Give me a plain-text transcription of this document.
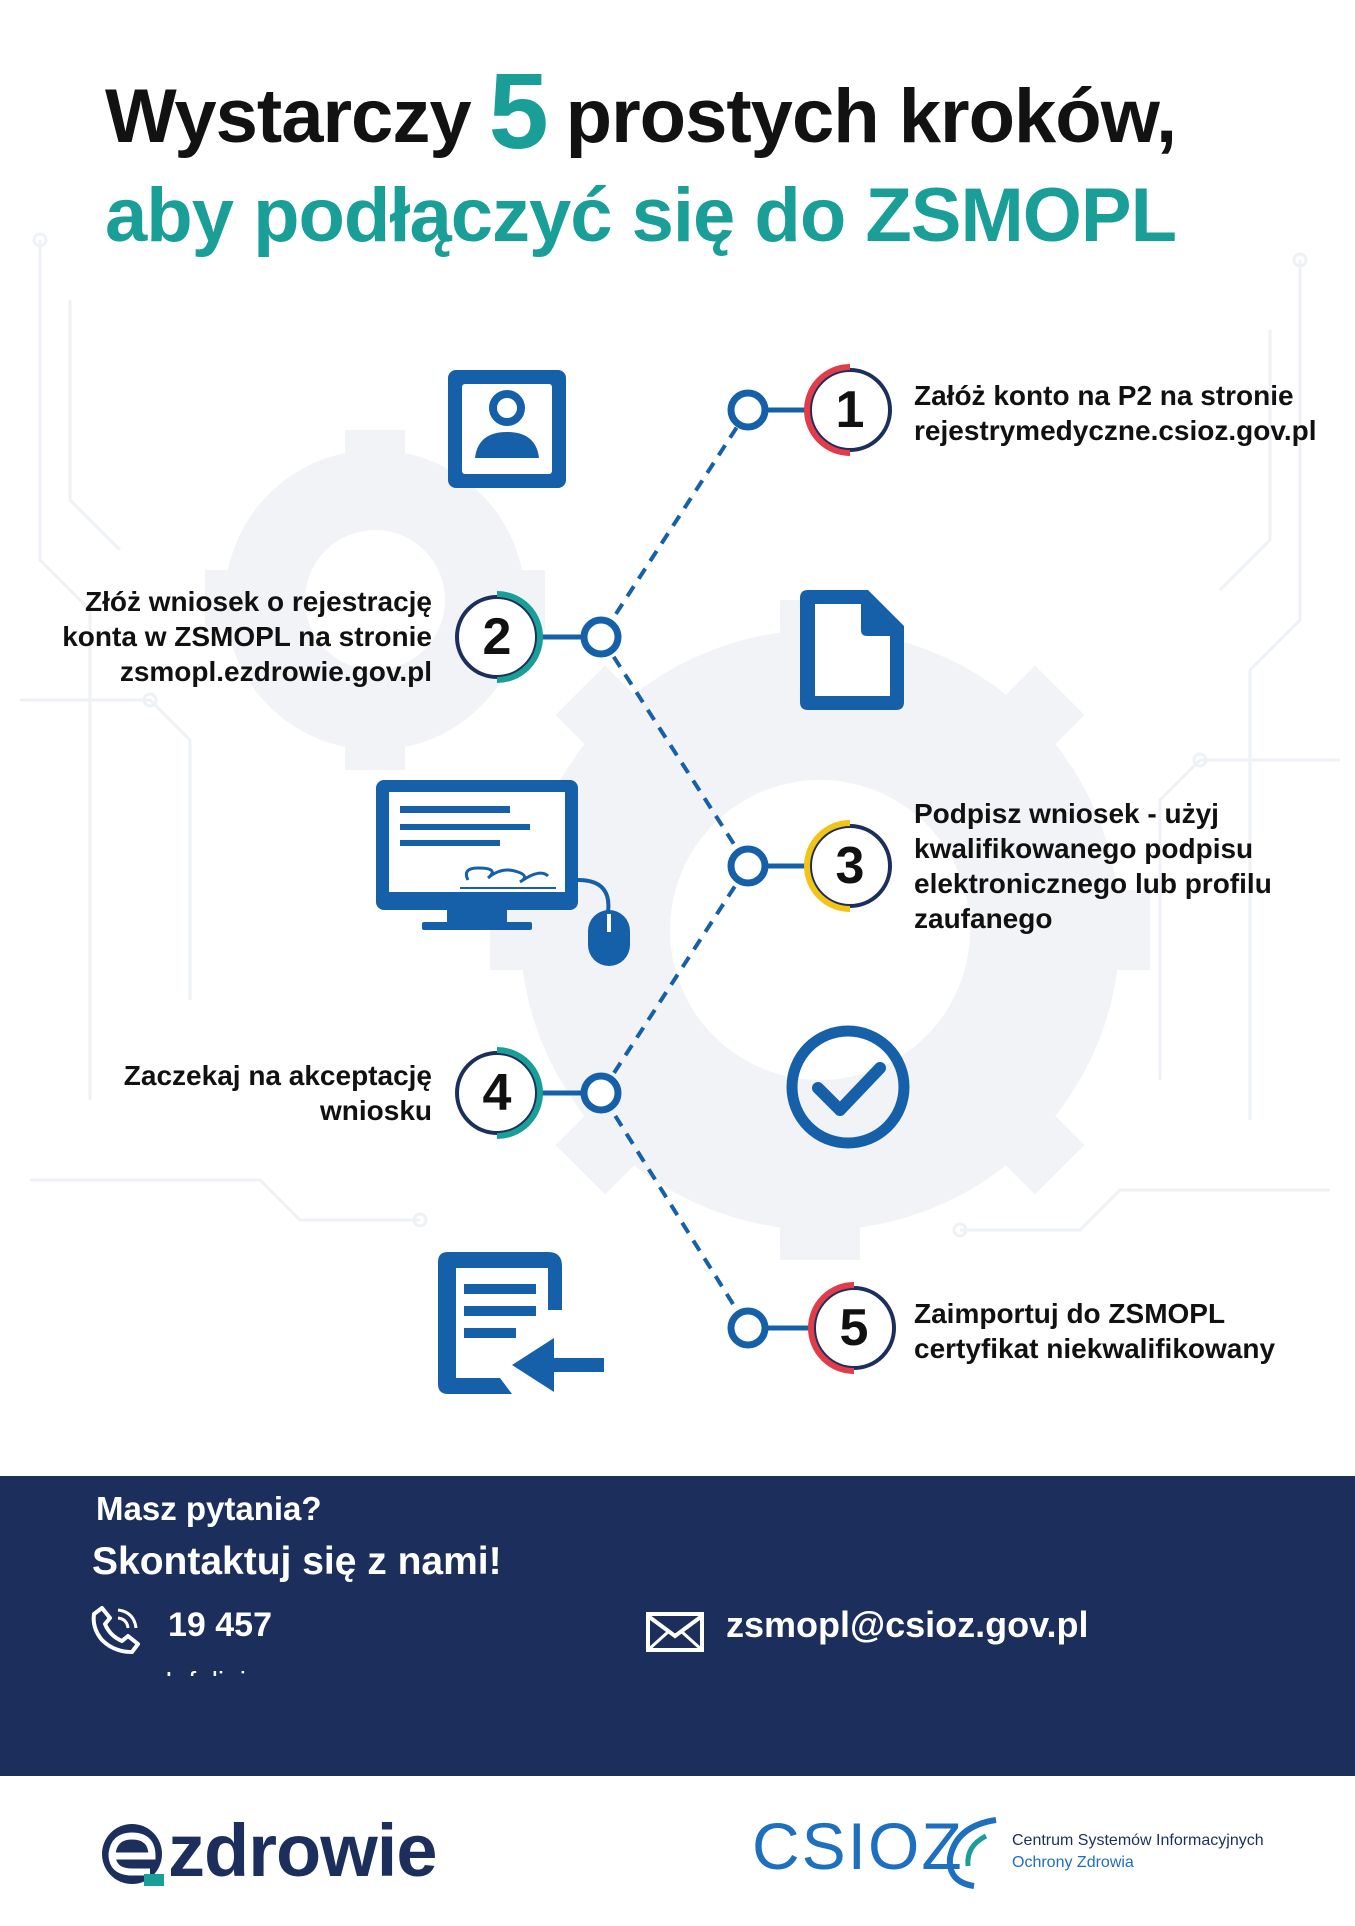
Wystarczy 5 prostych kroków,
aby podłączyć się do ZSMOPL
1
2
3
4
5
Załóż konto na P2 na stronie rejestrymedyczne.csioz.gov.pl
Złóż wniosek o rejestrację konta w ZSMOPL na stronie zsmopl.ezdrowie.gov.pl
Podpisz wniosek - użyj kwalifikowanego podpisu elektronicznego lub profilu zaufanego
Zaczekaj na akceptację wniosku
Zaimportuj do ZSMOPL certyfikat niekwalifikowany
Masz pytania?
Skontaktuj się z nami!
19 457	zsmopl@csioz.gov.pl
zdrowie	CSIOZ	Centrum Systemów Informacyjnych
Ochrony Zdrowia
